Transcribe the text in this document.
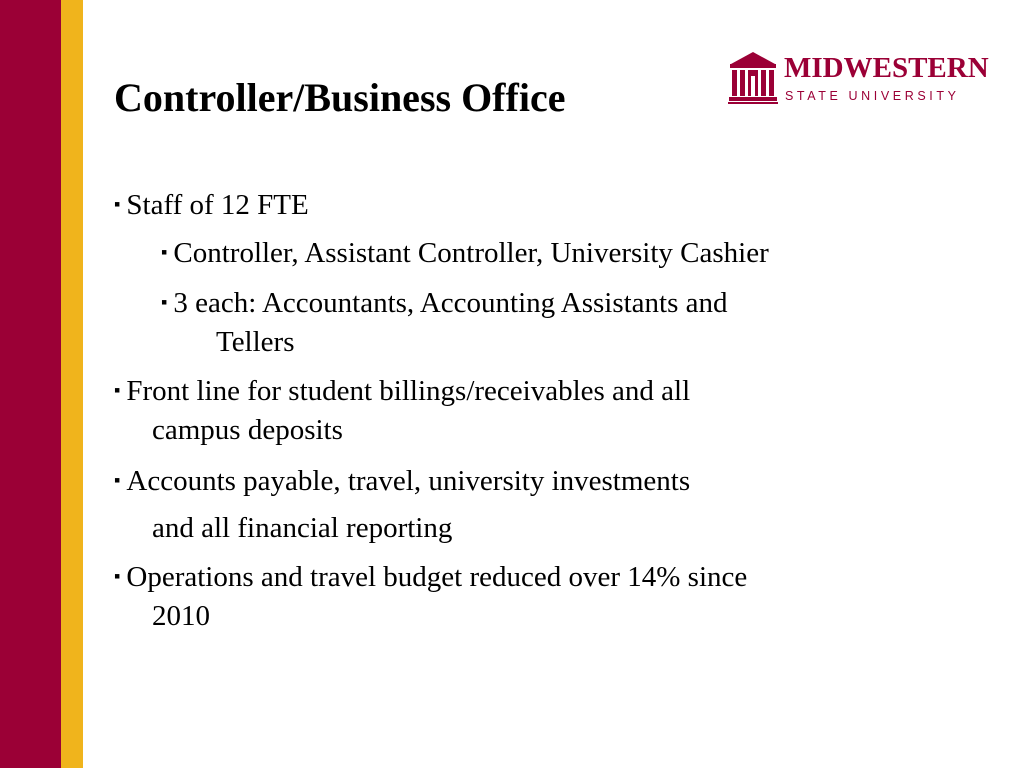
Controller/Business Office
MIDWESTERN
STATE UNIVERSITY
▪ Staff of 12 FTE
▪ Controller, Assistant Controller, University Cashier
▪ 3 each: Accountants, Accounting Assistants and
Tellers
▪ Front line for student billings/receivables and all
campus deposits
▪ Accounts payable, travel, university investments
and all financial reporting
▪ Operations and travel budget reduced over 14% since
2010
